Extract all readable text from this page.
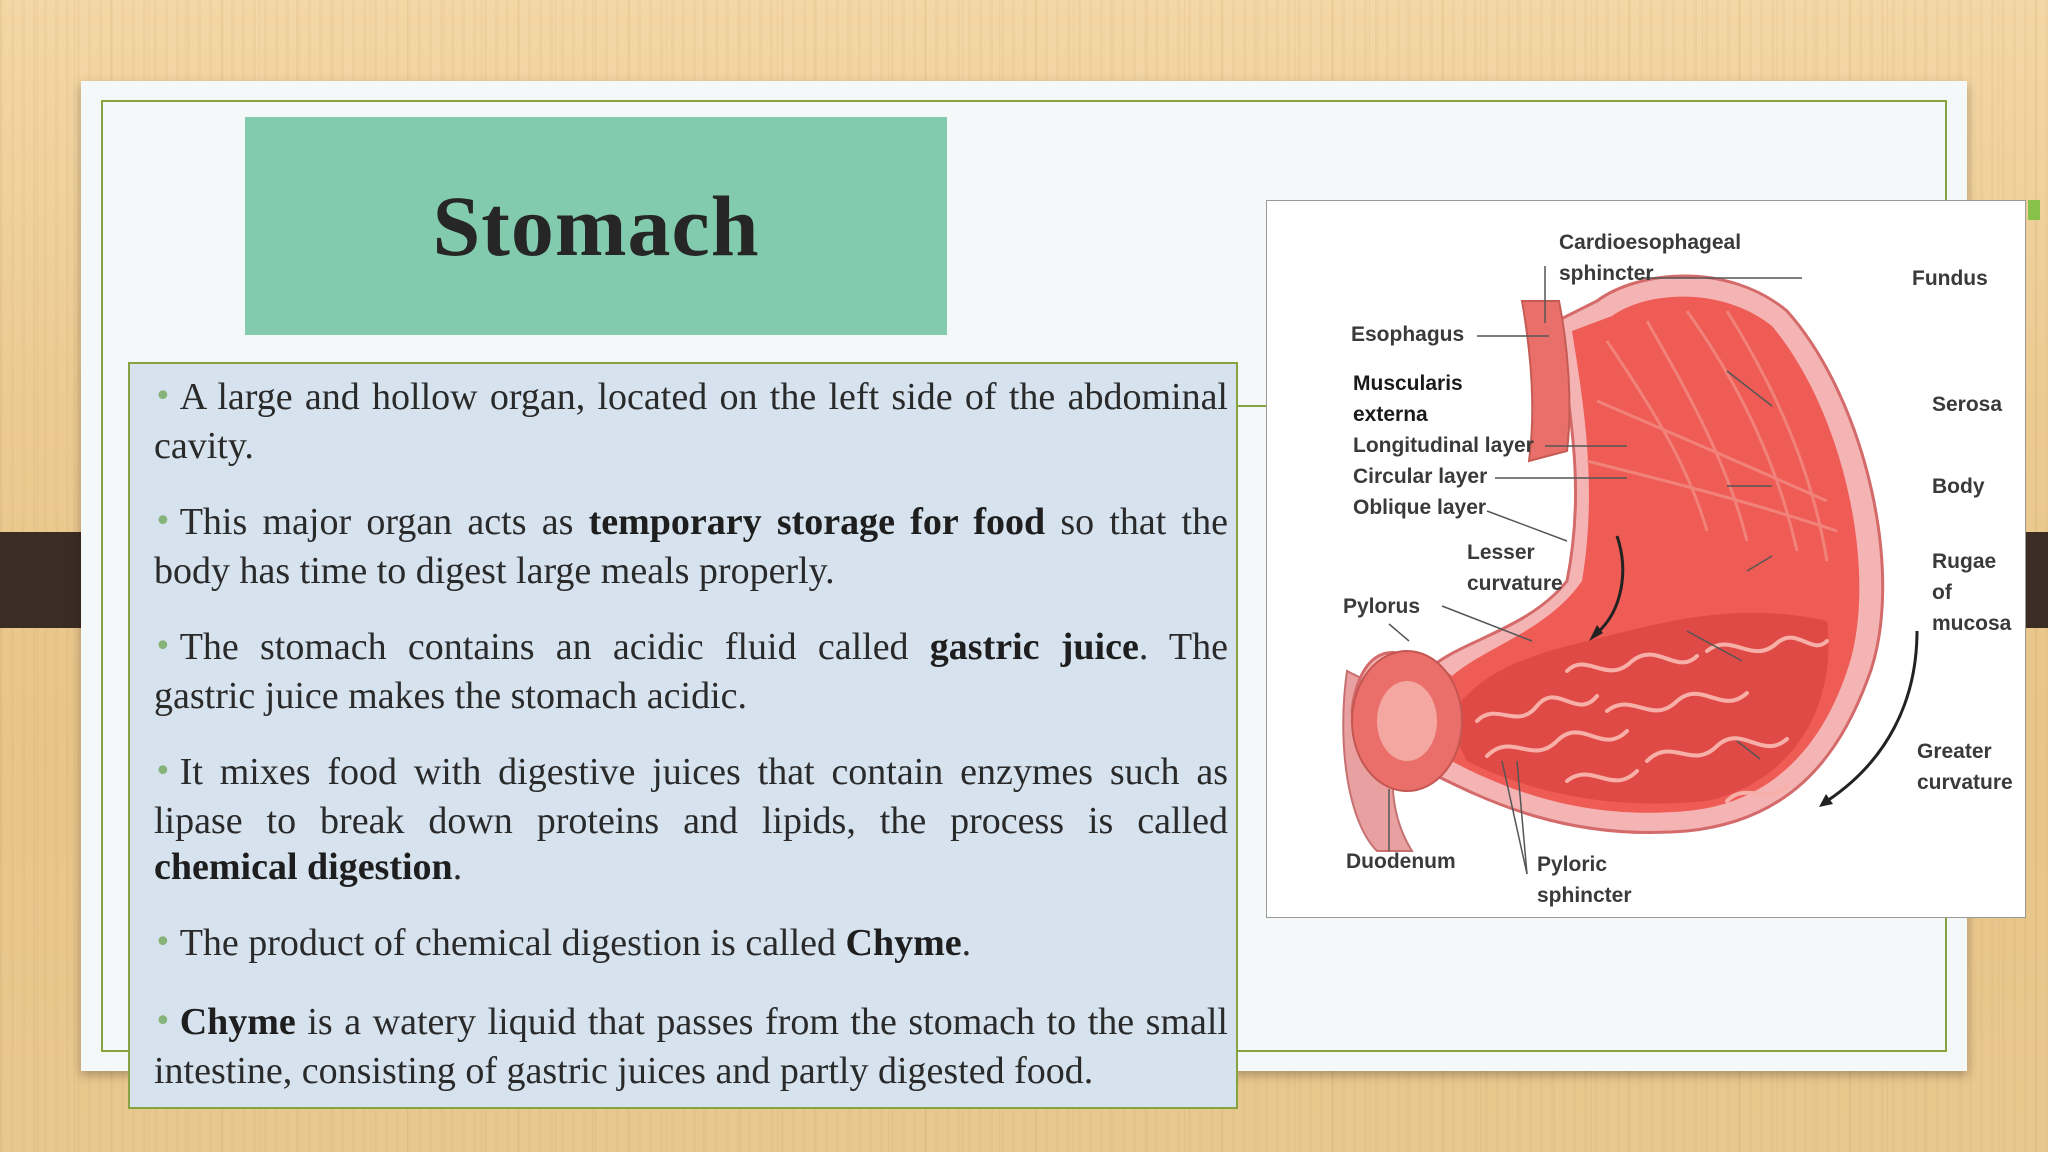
Stomach
• A large and hollow organ, located on the left side of the abdominal cavity.
• This major organ acts as temporary storage for food so that the body has time to digest large meals properly.
• The stomach contains an acidic fluid called gastric juice. The gastric juice makes the stomach acidic.
• It mixes food with digestive juices that contain enzymes such as lipase to break down proteins and lipids, the process is called chemical digestion.
• The product of chemical digestion is called Chyme.
• Chyme is a watery liquid that passes from the stomach to the small intestine, consisting of gastric juices and partly digested food.
Cardioesophageal
sphincter	Fundus
Esophagus
Muscularis
externa
Longitudinal layer
Circular layer
Oblique layer
Serosa
Body
Lesser
curvature
Rugae
of
mucosa
Pylorus
Greater
curvature
Duodenum	Pyloric
sphincter
